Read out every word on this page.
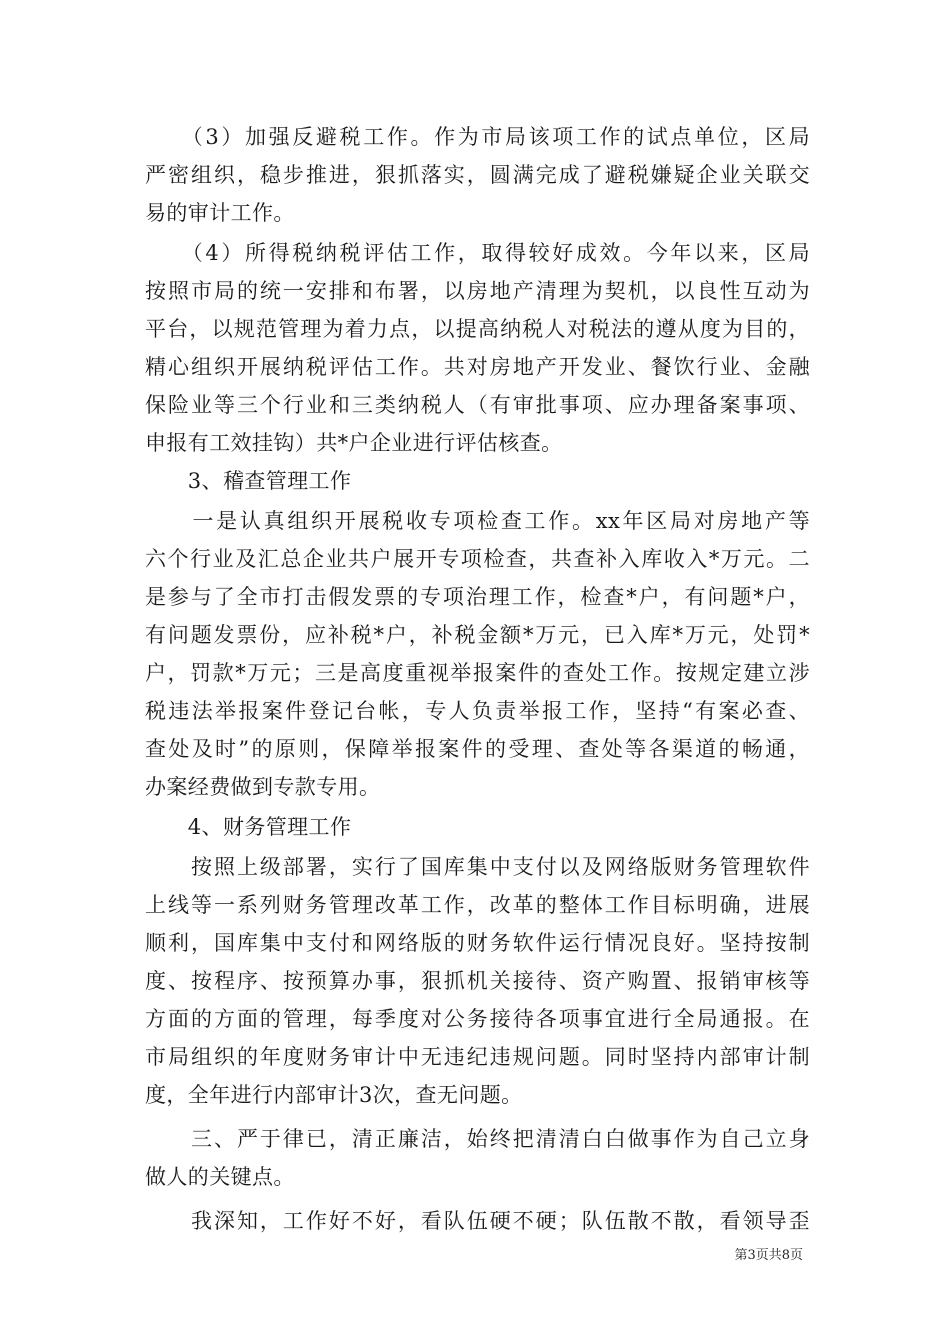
　　（3）加强反避税工作。作为市局该项工作的试点单位，区局
严密组织，稳步推进，狠抓落实，圆满完成了避税嫌疑企业关联交
易的审计工作。
　　（4）所得税纳税评估工作，取得较好成效。今年以来，区局
按照市局的统一安排和布署，以房地产清理为契机，以良性互动为
平台，以规范管理为着力点，以提高纳税人对税法的遵从度为目的，
精心组织开展纳税评估工作。共对房地产开发业、餐饮行业、金融
保险业等三个行业和三类纳税人（有审批事项、应办理备案事项、
申报有工效挂钩）共*户企业进行评估核查。
　　3、稽查管理工作
　　一是认真组织开展税收专项检查工作。xx年区局对房地产等
六个行业及汇总企业共户展开专项检查，共查补入库收入*万元。二
是参与了全市打击假发票的专项治理工作，检查*户，有问题*户，
有问题发票份，应补税*户，补税金额*万元，已入库*万元，处罚*
户，罚款*万元；三是高度重视举报案件的查处工作。按规定建立涉
税违法举报案件登记台帐，专人负责举报工作，坚持“有案必查、
查处及时”的原则，保障举报案件的受理、查处等各渠道的畅通，
办案经费做到专款专用。
　　4、财务管理工作
　　按照上级部署，实行了国库集中支付以及网络版财务管理软件
上线等一系列财务管理改革工作，改革的整体工作目标明确，进展
顺利，国库集中支付和网络版的财务软件运行情况良好。坚持按制
度、按程序、按预算办事，狠抓机关接待、资产购置、报销审核等
方面的方面的管理，每季度对公务接待各项事宜进行全局通报。在
市局组织的年度财务审计中无违纪违规问题。同时坚持内部审计制
度，全年进行内部审计3次，查无问题。
　　三、严于律已，清正廉洁，始终把清清白白做事作为自己立身
做人的关键点。
　　我深知，工作好不好，看队伍硬不硬；队伍散不散，看领导歪
第3页共8页
